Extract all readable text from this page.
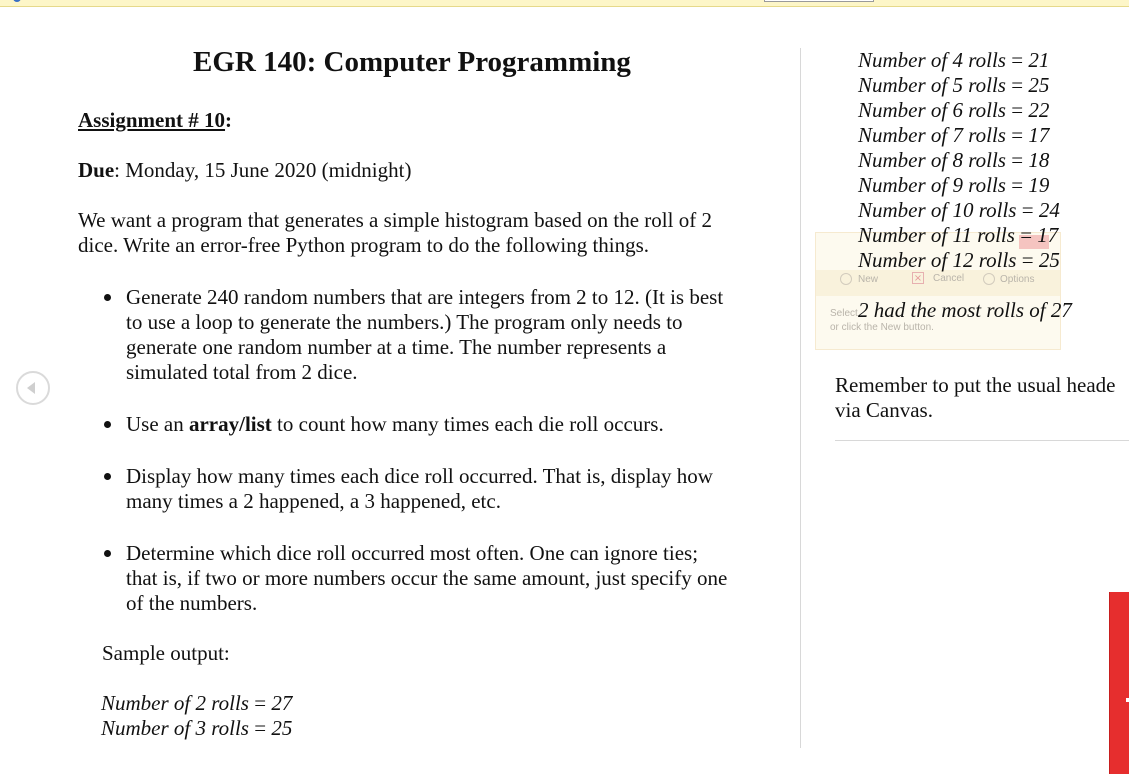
EGR 140: Computer Programming
Assignment # 10:
Due: Monday, 15 June 2020 (midnight)
We want a program that generates a simple histogram based on the roll of 2
dice. Write an error-free Python program to do the following things.
Generate 240 random numbers that are integers from 2 to 12. (It is best
to use a loop to generate the numbers.) The program only needs to
generate one random number at a time. The number represents a
simulated total from 2 dice.
Use an array/list to count how many times each die roll occurs.
Display how many times each dice roll occurred. That is, display how
many times a 2 happened, a 3 happened, etc.
Determine which dice roll occurred most often. One can ignore ties;
that is, if two or more numbers occur the same amount, just specify one
of the numbers.
Sample output:
New	× Cancel	Options
Select
or click the New button.
Number of 2 rolls = 27
Number of 3 rolls = 25
Number of 4 rolls = 21
Number of 5 rolls = 25
Number of 6 rolls = 22
Number of 7 rolls = 17
Number of 8 rolls = 18
Number of 9 rolls = 19
Number of 10 rolls = 24
Number of 11 rolls = 17
Number of 12 rolls = 25
2 had the most rolls of 27
Remember to put the usual heade
via Canvas.
